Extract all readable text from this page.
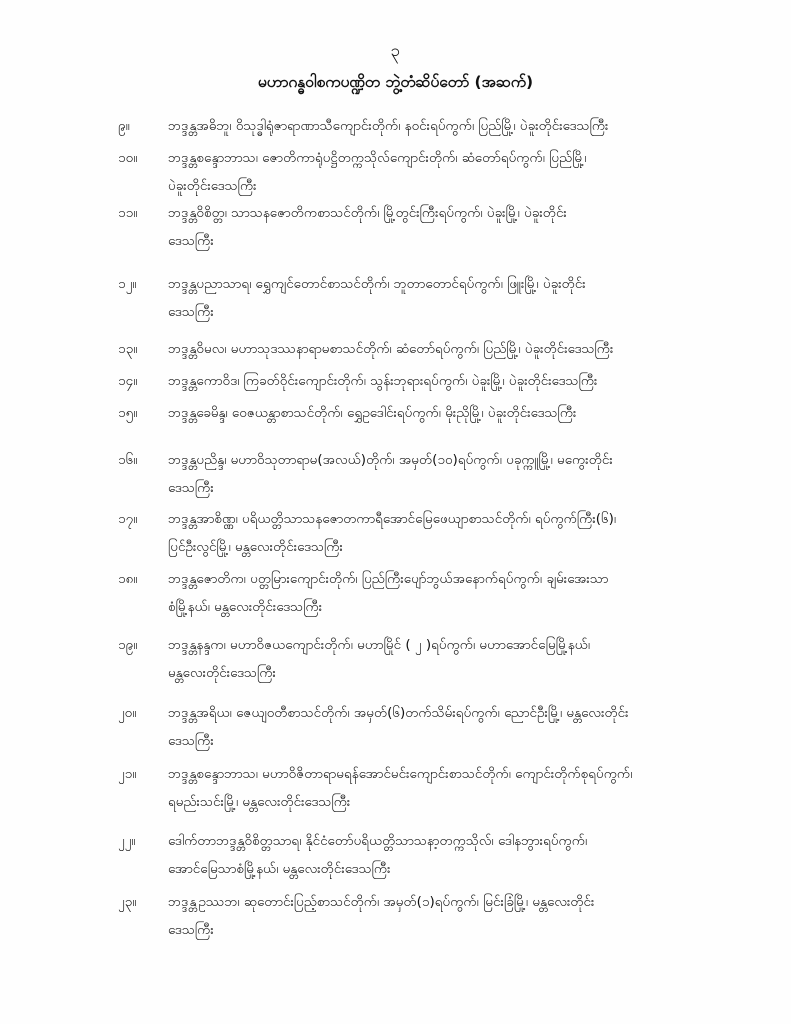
၃
မဟာဂန္ဓဝါစကပဏ္ဍိတ ဘွဲ့တံဆိပ်တော် (အဆက်)
၉။	ဘဒ္ဒန္တအဓိဘူ၊ ဝိသုဒ္ဓါရုံဇာရာဏာသီကျောင်းတိုက်၊ နဝင်းရပ်ကွက်၊ ပြည်မြို့၊ ပဲခူးတိုင်းဒေသကြီး
၁၀။ ဘဒ္ဒန္တစန္ဒောဘာသ၊ ဇောတိကာရုံပဋ္ဌိတက္ကသိုလ်ကျောင်းတိုက်၊ ဆံတော်ရပ်ကွက်၊ ပြည်မြို့၊
ပဲခူးတိုင်းဒေသကြီး
၁၁။ ဘဒ္ဒန္တဝိစိတ္တ၊ သာသနဇောတိကစာသင်တိုက်၊ မြို့တွင်းကြီးရပ်ကွက်၊ ပဲခူးမြို့၊ ပဲခူးတိုင်း
ဒေသကြီး
၁၂။ ဘဒ္ဒန္တပညာသာရ၊ ရွှေကျင်တောင်စာသင်တိုက်၊ ဘူတာတောင်ရပ်ကွက်၊ ဖြူးမြို့၊ ပဲခူးတိုင်း
ဒေသကြီး
၁၃။ ဘဒ္ဒန္တဝိမလ၊ မဟာသုဒဿနာရာမစာသင်တိုက်၊ ဆံတော်ရပ်ကွက်၊ ပြည်မြို့၊ ပဲခူးတိုင်းဒေသကြီး
၁၄။ ဘဒ္ဒန္တကောဝိဒ၊ ကြခတ်ဝိုင်းကျောင်းတိုက်၊ သွန်းဘုရားရပ်ကွက်၊ ပဲခူးမြို့၊ ပဲခူးတိုင်းဒေသကြီး
၁၅။ ဘဒ္ဒန္တခေမိန္ဒ၊ ဝေဇယန္တာစာသင်တိုက်၊ ရွှေဥဒေါင်းရပ်ကွက်၊ မိုးညိုမြို့၊ ပဲခူးတိုင်းဒေသကြီး
၁၆။ ဘဒ္ဒန္တပညိန္ဒ၊ မဟာဝိသုတာရာမ(အလယ်)တိုက်၊ အမှတ်(၁၀)ရပ်ကွက်၊ ပခုက္ကူမြို့၊ မကွေးတိုင်း
ဒေသကြီး
၁၇။ ဘဒ္ဒန္တအာစိဏ္ဏ၊ ပရိယတ္တိသာသနဇောတကာရီအောင်မြေဖေယျာစာသင်တိုက်၊ ရပ်ကွက်ကြီး(၆)၊
ပြင်ဦးလွင်မြို့၊ မန္တလေးတိုင်းဒေသကြီး
၁၈။ ဘဒ္ဒန္တဇောတိက၊ ပတ္တမြားကျောင်းတိုက်၊ ပြည်ကြီးပျော်ဘွယ်အနောက်ရပ်ကွက်၊ ချမ်းအေးသာ
စံမြို့နယ်၊ မန္တလေးတိုင်းဒေသကြီး
၁၉။ ဘဒ္ဒန္တနန္ဒက၊ မဟာဝိဇယကျောင်းတိုက်၊ မဟာမြိုင် ( ၂ )ရပ်ကွက်၊ မဟာအောင်မြေမြို့နယ်၊
မန္တလေးတိုင်းဒေသကြီး
၂၀။ ဘဒ္ဒန္တအရိယ၊ ဇေယျဝတီစာသင်တိုက်၊ အမှတ်(၆)တက်သိမ်းရပ်ကွက်၊ ညောင်ဦးမြို့၊ မန္တလေးတိုင်း
ဒေသကြီး
၂၁။ ဘဒ္ဒန္တစန္ဒောဘာသ၊ မဟာဝိဇိတာရာမရန်အောင်မင်းကျောင်းစာသင်တိုက်၊ ကျောင်းတိုက်စုရပ်ကွက်၊
ရမည်းသင်းမြို့၊ မန္တလေးတိုင်းဒေသကြီး
၂၂။ ဒေါက်တာဘဒ္ဒန္တဝိစိတ္တသာရ၊ နိုင်ငံတော်ပရိယတ္တိသာသနာ့တက္ကသိုလ်၊ ဒေါနဘွားရပ်ကွက်၊
အောင်မြေသာစံမြို့နယ်၊ မန္တလေးတိုင်းဒေသကြီး
၂၃။ ဘဒ္ဒန္တဥဿဘ၊ ဆုတောင်းပြည့်စာသင်တိုက်၊ အမှတ်(၁)ရပ်ကွက်၊ မြင်းခြံမြို့၊ မန္တလေးတိုင်း
ဒေသကြီး
